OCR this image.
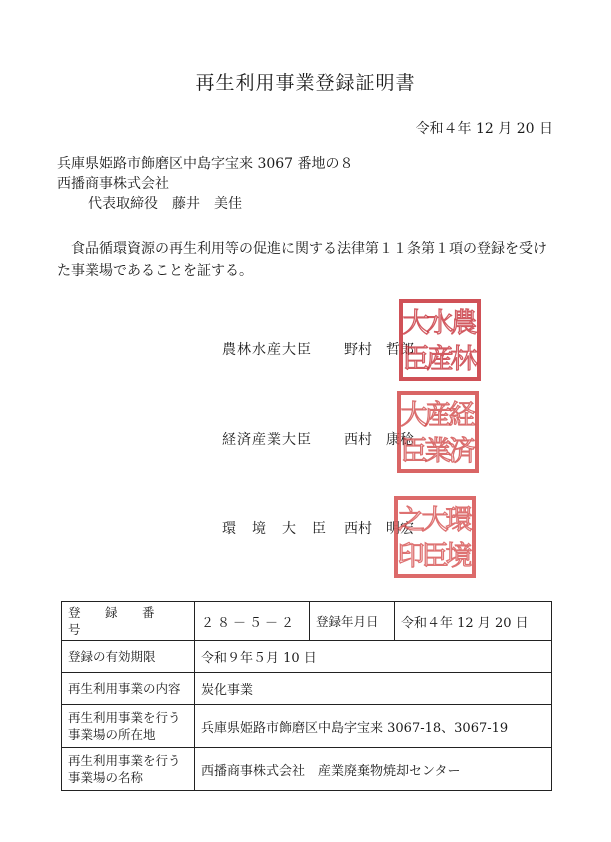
再生利用事業登録証明書
令和４年 12 月 20 日
兵庫県姫路市飾磨区中島字宝来 3067 番地の８
西播商事株式会社
代表取締役　藤井　美佳
食品循環資源の再生利用等の促進に関する法律第１１条第１項の登録を受けた事業場であることを証する。
農林水産大臣	野村　哲郎
農
林
水
産
大
臣
経済産業大臣	西村　康稔
経
済
産
業
大
臣
環　境　大　臣	西村　明宏 環
境
大
臣
之
印
登　録　番　号	２８－５－２	登録年月日	令和４年 12 月 20 日
登録の有効期限	令和９年５月 10 日		
再生利用事業の内容	炭化事業		

再生利用事業を行う
事業場の所在地	兵庫県姫路市飾磨区中島字宝来 3067-18、3067-19		

再生利用事業を行う
事業場の名称	西播商事株式会社　産業廃棄物焼却センター		
